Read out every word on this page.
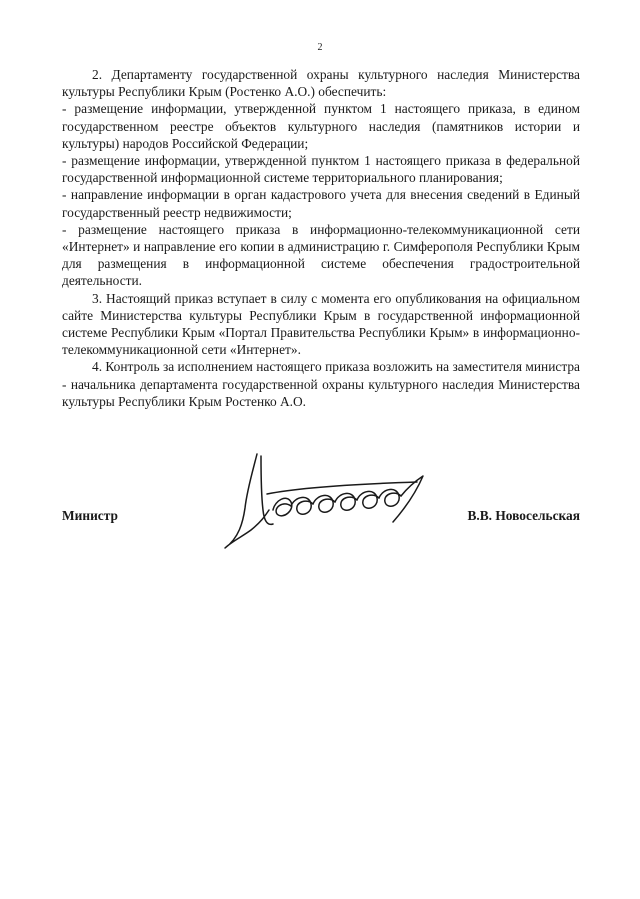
2

2. Департаменту государственной охраны культурного наследия Министерства культуры Республики Крым (Ростенко А.О.) обеспечить:

- размещение информации, утвержденной пунктом 1 настоящего приказа, в едином государственном реестре объектов культурного наследия (памятников истории и культуры) народов Российской Федерации;

- размещение информации, утвержденной пунктом 1 настоящего приказа в федеральной государственной информационной системе территориального планирования;

- направление информации в орган кадастрового учета для внесения сведений в Единый государственный реестр недвижимости;

- размещение настоящего приказа в информационно-телекоммуникационной сети «Интернет» и направление его копии в администрацию г. Симферополя Республики Крым для размещения в информационной системе обеспечения градостроительной деятельности.

3. Настоящий приказ вступает в силу с момента его опубликования на официальном сайте Министерства культуры Республики Крым в государственной информационной системе Республики Крым «Портал Правительства Республики Крым» в информационно-телекоммуникационной сети «Интернет».

4. Контроль за исполнением настоящего приказа возложить на заместителя министра - начальника департамента государственной охраны культурного наследия Министерства культуры Республики Крым Ростенко А.О.

Министр	В.В. Новосельская
